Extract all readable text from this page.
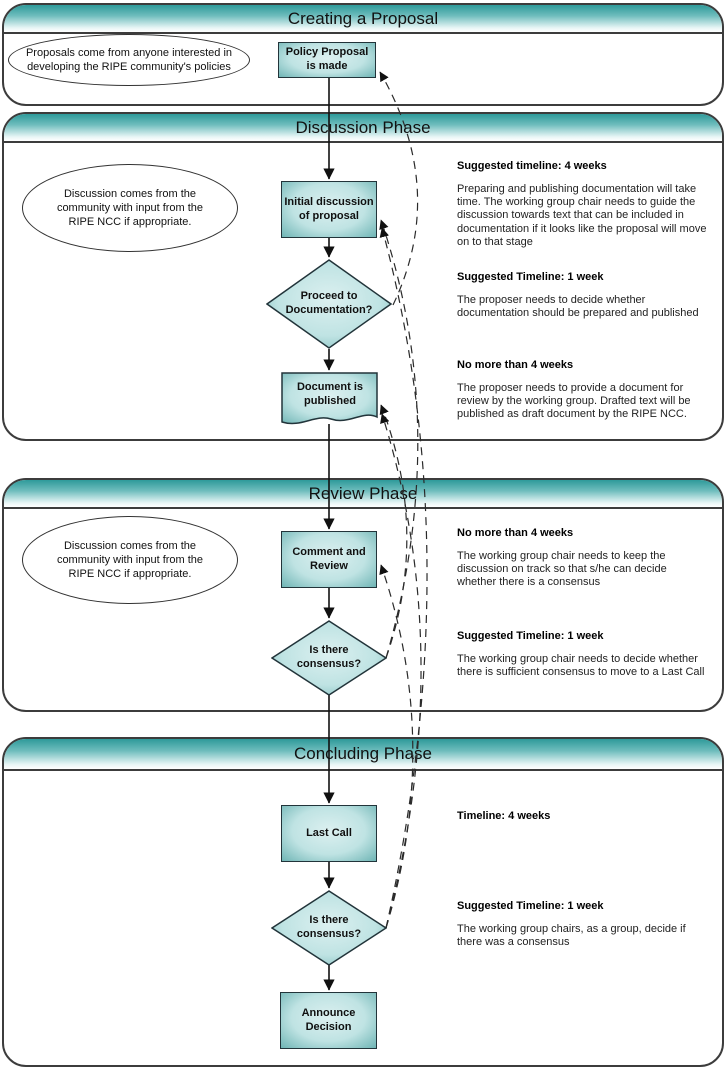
Creating a Proposal
Discussion Phase
Review Phase
Concluding Phase
Proposals come from anyone interested in developing the RIPE community's policies
Discussion comes from the community with input from the RIPE NCC if appropriate.
Discussion comes from the community with input from the RIPE NCC if appropriate.
Policy Proposal is made
Initial discussion of proposal
Proceed to Documentation?
Document is published
Comment and Review
Is there consensus?
Last Call
Is there consensus?
Announce Decision
Suggested timeline: 4 weeks
Preparing and publishing documentation will take time. The working group chair needs to guide the discussion towards text that can be included in documentation if it looks like the proposal will move on to that stage
Suggested Timeline: 1 week
The proposer needs to decide whether documentation should be prepared and published
No more than 4 weeks
The proposer needs to provide a document for review by the working group. Drafted text will be published as draft document by the RIPE NCC.
No more than 4 weeks
The working group chair needs to keep the discussion on track so that s/he can decide whether there is a consensus
Suggested Timeline: 1 week
The working group chair needs to decide whether there is sufficient consensus to move to a Last Call
Timeline: 4 weeks
Suggested Timeline: 1 week
The working group chairs, as a group, decide if there was a consensus
